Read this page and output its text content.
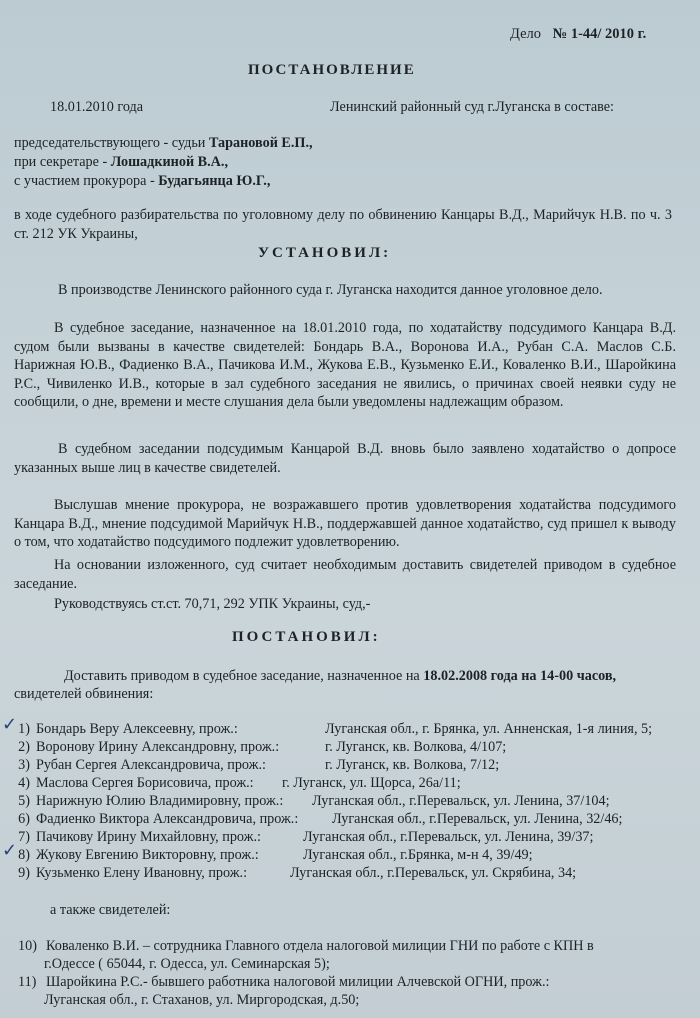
Дело № 1-44/ 2010 г.
ПОСТАНОВЛЕНИЕ
18.01.2010 года	Ленинский районный суд г.Луганска в составе:
председательствующего - судьи Тарановой Е.П.,
при секретаре - Лошадкиной В.А.,
с участием прокурора - Будагьянца Ю.Г.,
в ходе судебного разбирательства по уголовному делу по обвинению Канцары В.Д., Марийчук Н.В. по ч. 3 ст. 212 УК Украины,
УСТАНОВИЛ:
В производстве Ленинского районного суда г. Луганска находится данное уголовное дело.
В судебное заседание, назначенное на 18.01.2010 года, по ходатайству подсудимого Канцара В.Д. судом были вызваны в качестве свидетелей: Бондарь В.А., Воронова И.А., Рубан С.А. Маслов С.Б. Нарижная Ю.В., Фадиенко В.А., Пачикова И.М., Жукова Е.В., Кузьменко Е.И., Коваленко В.И., Шаройкина Р.С., Чивиленко И.В., которые в зал судебного заседания не явились, о причинах своей неявки суду не сообщили, о дне, времени и месте слушания дела были уведомлены надлежащим образом.
В судебном заседании подсудимым Канцарой В.Д. вновь было заявлено ходатайство о допросе указанных выше лиц в качестве свидетелей.
Выслушав мнение прокурора, не возражавшего против удовлетворения ходатайства подсудимого Канцара В.Д., мнение подсудимой Марийчук Н.В., поддержавшей данное ходатайство, суд пришел к выводу о том, что ходатайство подсудимого подлежит удовлетворению.
На основании изложенного, суд считает необходимым доставить свидетелей приводом в судебное заседание.
Руководствуясь ст.ст. 70,71, 292 УПК Украины, суд,-
ПОСТАНОВИЛ:
Доставить приводом в судебное заседание, назначенное на 18.02.2008 года на 14-00 часов,
свидетелей обвинения:
1) Бондарь Веру Алексеевну, прож.:	Луганская обл., г. Брянка, ул. Анненская, 1-я линия, 5;
2) Воронову Ирину Александровну, прож.:	г. Луганск, кв. Волкова, 4/107;
3) Рубан Сергея Александровича, прож.:	г. Луганск, кв. Волкова, 7/12;
4) Маслова Сергея Борисовича, прож.: г. Луганск, ул. Щорса, 26а/11;
5) Нарижную Юлию Владимировну, прож.: Луганская обл., г.Перевальск, ул. Ленина, 37/104;
6) Фадиенко Виктора Александровича, прож.: Луганская обл., г.Перевальск, ул. Ленина, 32/46;
7) Пачикову Ирину Михайловну, прож.:	Луганская обл., г.Перевальск, ул. Ленина, 39/37;
8) Жукову Евгению Викторовну, прож.:	Луганская обл., г.Брянка, м-н 4, 39/49;
9) Кузьменко Елену Ивановну, прож.:	Луганская обл., г.Перевальск, ул. Скрябина, 34;
✓
✓
а также свидетелей:
10) Коваленко В.И. – сотрудника Главного отдела налоговой милиции ГНИ по работе с КПН в
г.Одессе ( 65044, г. Одесса, ул. Семинарская 5);
11) Шаройкина Р.С.- бывшего работника налоговой милиции Алчевской ОГНИ, прож.:
Луганская обл., г. Стаханов, ул. Миргородская, д.50;
